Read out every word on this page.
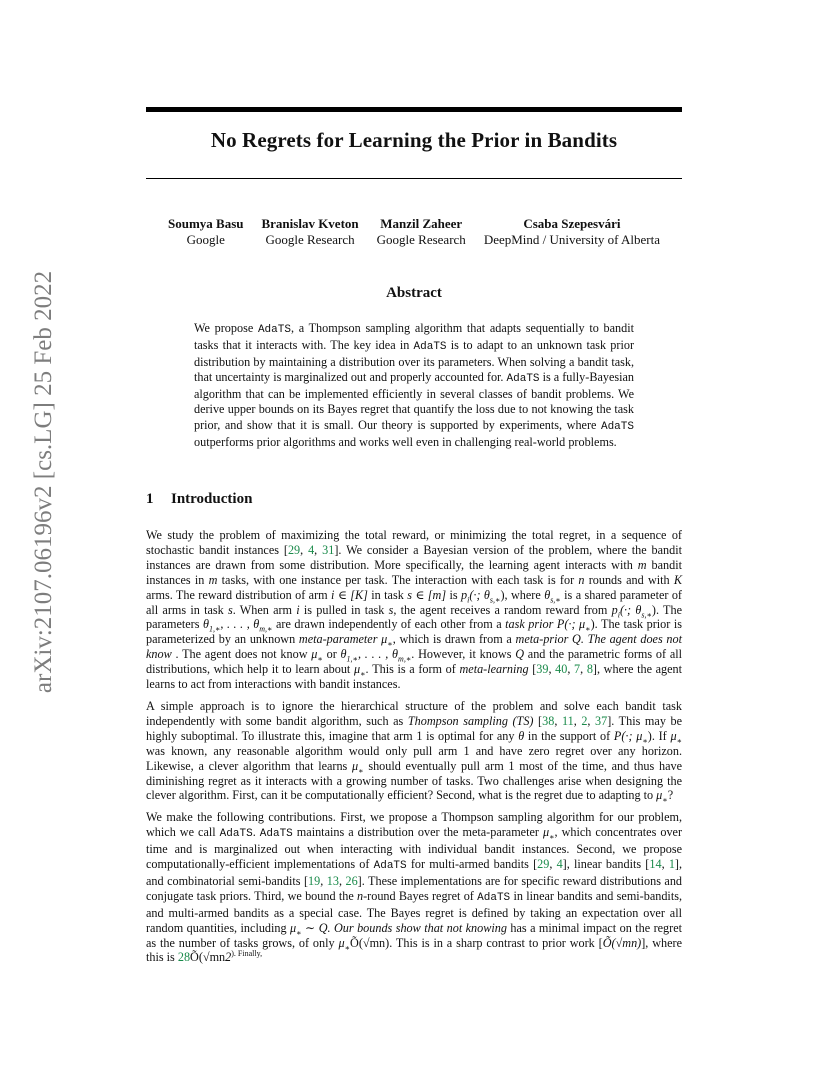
No Regrets for Learning the Prior in Bandits
arXiv:2107.06196v2 [cs.LG] 25 Feb 2022
Soumya Basu
Google
Branislav Kveton
Google Research
Manzil Zaheer
Google Research
Csaba Szepesvári
DeepMind / University of Alberta
Abstract

We propose AdaTS, a Thompson sampling algorithm that adapts sequentially to bandit tasks that it interacts with. The key idea in AdaTS is to adapt to an unknown task prior distribution by maintaining a distribution over its parameters. When solving a bandit task, that uncertainty is marginalized out and properly accounted for. AdaTS is a fully-Bayesian algorithm that can be implemented efficiently in several classes of bandit problems. We derive upper bounds on its Bayes regret that quantify the loss due to not knowing the task prior, and show that it is small. Our theory is supported by experiments, where AdaTS outperforms prior algorithms and works well even in challenging real-world problems.

1 Introduction

We study the problem of maximizing the total reward, or minimizing the total regret, in a sequence of stochastic bandit instances [29, 4, 31]. We consider a Bayesian version of the problem, where the bandit instances are drawn from some distribution. More specifically, the learning agent interacts with m bandit instances in m tasks, with one instance per task. The interaction with each task is for n rounds and with K arms. The reward distribution of arm i ∈ [K] in task s ∈ [m] is $p_i(\cdot$; $\theta_{s,∗}$), where $\theta_{s,∗}$ is a shared parameter of all arms in task s. When arm i is pulled in task s, the agent receives a random reward from $p_i(\cdot$; $\theta_{s,∗}$). The parameters $\theta_{1,∗}$, . . . , $\theta_{m,∗}$ are drawn independently of each other from a task prior P(·; $\mu_∗$). The task prior is parameterized by an unknown meta-parameter $\mu_∗$, which is drawn from a meta-prior Q. The agent does not know . The agent does not know $\mu_∗$ or $\theta_{1,∗}$, . . . , $\theta_{m,∗}$. However, it knows Q and the parametric forms of all distributions, which help it to learn about $\mu_∗$. This is a form of meta-learning [39, 40, 7, 8], where the agent learns to act from interactions with bandit instances.

A simple approach is to ignore the hierarchical structure of the problem and solve each bandit task independently with some bandit algorithm, such as Thompson sampling (TS) [38, 11, 2, 37]. This may be highly suboptimal. To illustrate this, imagine that arm 1 is optimal for any θ in the support of P(·; $\mu_∗$). If $\mu_∗$ was known, any reasonable algorithm would only pull arm 1 and have zero regret over any horizon. Likewise, a clever algorithm that learns $\mu_∗$ should eventually pull arm 1 most of the time, and thus have diminishing regret as it interacts with a growing number of tasks. Two challenges arise when designing the clever algorithm. First, can it be computationally efficient? Second, what is the regret due to adapting to $\mu_∗$?

We make the following contributions. First, we propose a Thompson sampling algorithm for our problem, which we call AdaTS. AdaTS maintains a distribution over the meta-parameter $\mu_∗$, which concentrates over time and is marginalized out when interacting with individual bandit instances. Second, we propose computationally-efficient implementations of AdaTS for multi-armed bandits [29, 4], linear bandits [14, 1], and combinatorial semi-bandits [19, 13, 26]. These implementations are for specific reward distributions and conjugate task priors. Third, we bound the n-round Bayes regret of AdaTS in linear bandits and semi-bandits, and multi-armed bandits as a special case. The Bayes regret is defined by taking an expectation over all random quantities, including $\mu_∗$ ∼ Q. Our bounds show that not knowing has a minimal impact on the regret as the number of tasks grows, of only $\mu_∗Õ(√mn)$. This is in a sharp contrast to prior work [Õ(√mn)], where this is $28Õ(√mn2^{). Finally,}$
